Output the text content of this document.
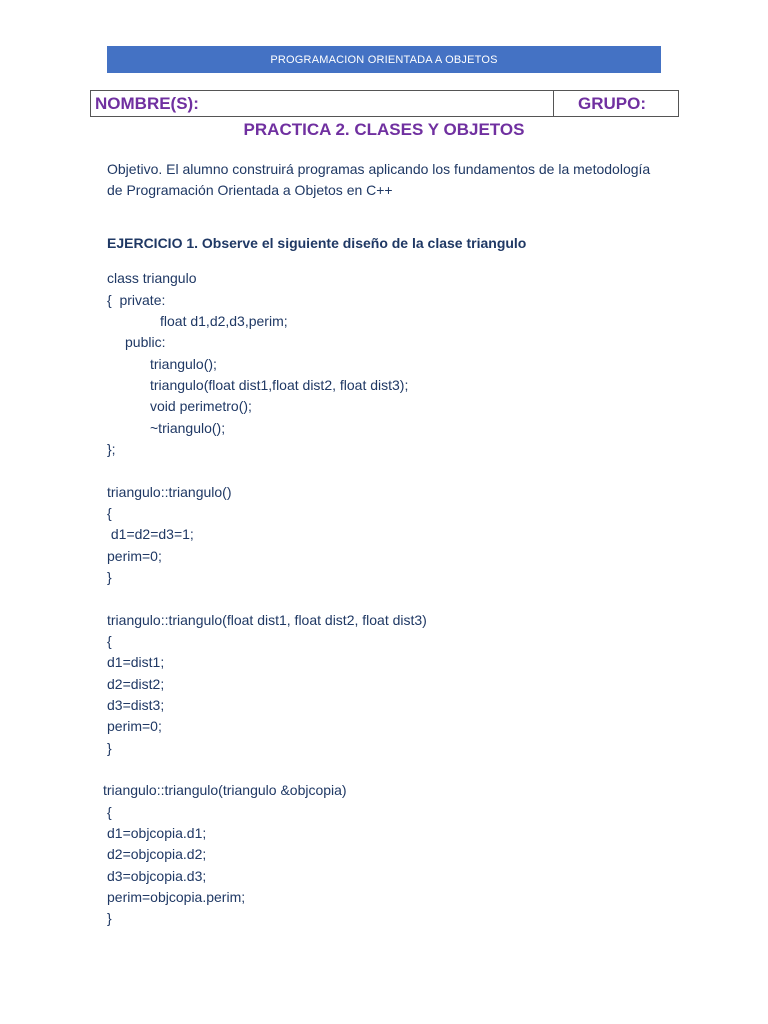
PROGRAMACION ORIENTADA A OBJETOS
NOMBRE(S):	GRUPO:
PRACTICA 2. CLASES Y OBJETOS
Objetivo. El alumno construirá programas aplicando los fundamentos de la metodología de Programación Orientada a Objetos en C++
EJERCICIO 1. Observe el siguiente diseño de la clase triangulo
class triangulo
{  private:
float d1,d2,d3,perim;
public:
triangulo();
triangulo(float dist1,float dist2, float dist3);
void perimetro();
~triangulo();
};
triangulo::triangulo()
{
d1=d2=d3=1;
perim=0;
}
triangulo::triangulo(float dist1, float dist2, float dist3)
{
d1=dist1;
d2=dist2;
d3=dist3;
perim=0;
}
triangulo::triangulo(triangulo &objcopia)
{
d1=objcopia.d1;
d2=objcopia.d2;
d3=objcopia.d3;
perim=objcopia.perim;
}
